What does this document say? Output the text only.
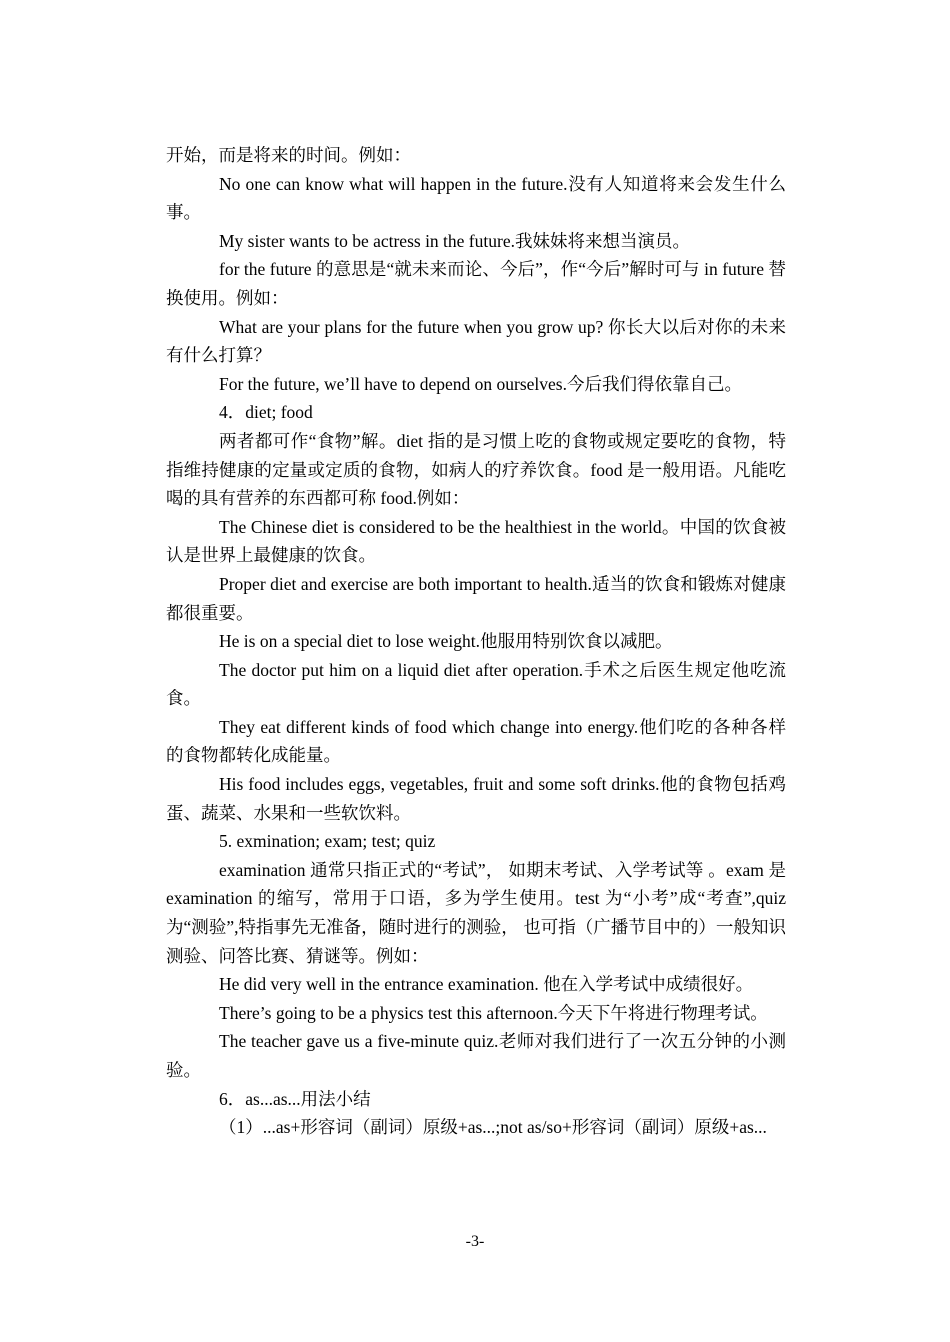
开始，而是将来的时间。例如：

No one can know what will happen in the future.没有人知道将来会发生什么事。

My sister wants to be actress in the future.我妹妹将来想当演员。

for the future 的意思是“就未来而论、今后”，作“今后”解时可与 in future 替换使用。例如：

What are your plans for the future when you grow up? 你长大以后对你的未来有什么打算？

For the future, we’ll have to depend on ourselves.今后我们得依靠自己。

4．diet; food

两者都可作“食物”解。diet 指的是习惯上吃的食物或规定要吃的食物，特指维持健康的定量或定质的食物，如病人的疗养饮食。food 是一般用语。凡能吃喝的具有营养的东西都可称 food.例如：

The Chinese diet is considered to be the healthiest in the world。中国的饮食被认是世界上最健康的饮食。

Proper diet and exercise are both important to health.适当的饮食和锻炼对健康都很重要。

He is on a special diet to lose weight.他服用特别饮食以减肥。

The doctor put him on a liquid diet after operation.手术之后医生规定他吃流食。

They eat different kinds of food which change into energy.他们吃的各种各样的食物都转化成能量。

His food includes eggs, vegetables, fruit and some soft drinks.他的食物包括鸡蛋、蔬菜、水果和一些软饮料。

5. exmination; exam; test; quiz

examination 通常只指正式的“考试”， 如期末考试、入学考试等 。exam 是 examination 的缩写，常用于口语，多为学生使用。test 为“小考”成“考查”,quiz 为“测验”,特指事先无准备，随时进行的测验， 也可指（广播节目中的）一般知识测验、问答比赛、猜谜等。例如：

He did very well in the entrance examination. 他在入学考试中成绩很好。

There’s going to be a physics test this afternoon.今天下午将进行物理考试。

The teacher gave us a five-minute quiz.老师对我们进行了一次五分钟的小测验。

6．as...as...用法小结

（1）...as+形容词（副词）原级+as...;not as/so+形容词（副词）原级+as...

-3-
